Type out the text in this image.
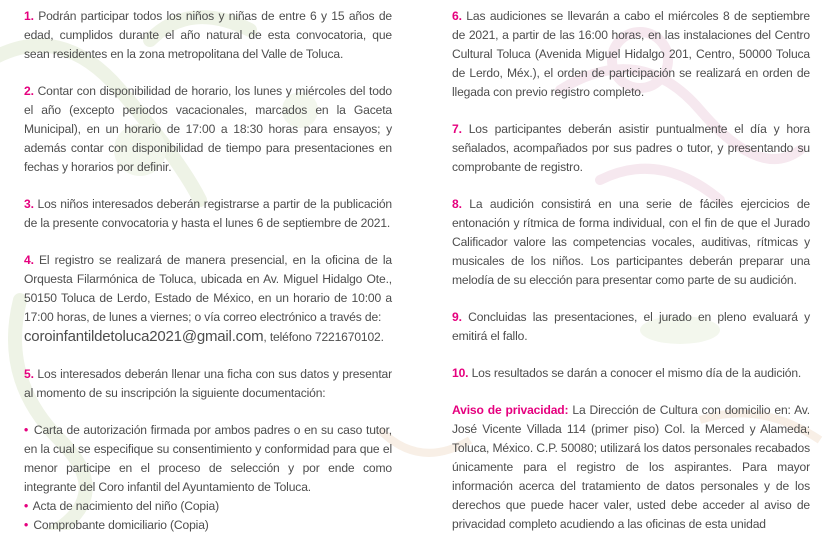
1. Podrán participar todos los niños y niñas de entre 6 y 15 años de edad, cumplidos durante el año natural de esta convocatoria, que sean residentes en la zona metropolitana del Valle de Toluca.

2. Contar con disponibilidad de horario, los lunes y miércoles del todo el año (excepto periodos vacacionales, marcados en la Gaceta Municipal), en un horario de 17:00 a 18:30 horas para ensayos; y además contar con disponibilidad de tiempo para presentaciones en fechas y horarios por definir.

3. Los niños interesados deberán registrarse a partir de la publicación de la presente convocatoria y hasta el lunes 6 de septiembre de 2021.

4. El registro se realizará de manera presencial, en la oficina de la Orquesta Filarmónica de Toluca, ubicada en Av. Miguel Hidalgo Ote., 50150 Toluca de Lerdo, Estado de México, en un horario de 10:00 a 17:00 horas, de lunes a viernes; o vía correo electrónico a través de:
coroinfantildetoluca2021@gmail.com, teléfono 7221670102.

5. Los interesados deberán llenar una ficha con sus datos y presentar al momento de su inscripción la siguiente documentación:

• Carta de autorización firmada por ambos padres o en su caso tutor, en la cual se especifique su consentimiento y conformidad para que el menor participe en el proceso de selección y por ende como integrante del Coro infantil del Ayuntamiento de Toluca.
• Acta de nacimiento del niño (Copia)
• Comprobante domiciliario (Copia)

6. Las audiciones se llevarán a cabo el miércoles 8 de septiembre de 2021, a partir de las 16:00 horas, en las instalaciones del Centro Cultural Toluca (Avenida Miguel Hidalgo 201, Centro, 50000 Toluca de Lerdo, Méx.), el orden de participación se realizará en orden de llegada con previo registro completo.

7. Los participantes deberán asistir puntualmente el día y hora señalados, acompañados por sus padres o tutor, y presentando su comprobante de registro.

8. La audición consistirá en una serie de fáciles ejercicios de entonación y rítmica de forma individual, con el fin de que el Jurado Calificador valore las competencias vocales, auditivas, rítmicas y musicales de los niños. Los participantes deberán preparar una melodía de su elección para presentar como parte de su audición.

9. Concluidas las presentaciones, el jurado en pleno evaluará y emitirá el fallo.

10. Los resultados se darán a conocer el mismo día de la audición.

Aviso de privacidad: La Dirección de Cultura con domicilio en: Av. José Vicente Villada 114 (primer piso) Col. la Merced y Alameda; Toluca, México. C.P. 50080; utilizará los datos personales recabados únicamente para el registro de los aspirantes. Para mayor información acerca del tratamiento de datos personales y de los derechos que puede hacer valer, usted debe acceder al aviso de privacidad completo acudiendo a las oficinas de esta unidad
